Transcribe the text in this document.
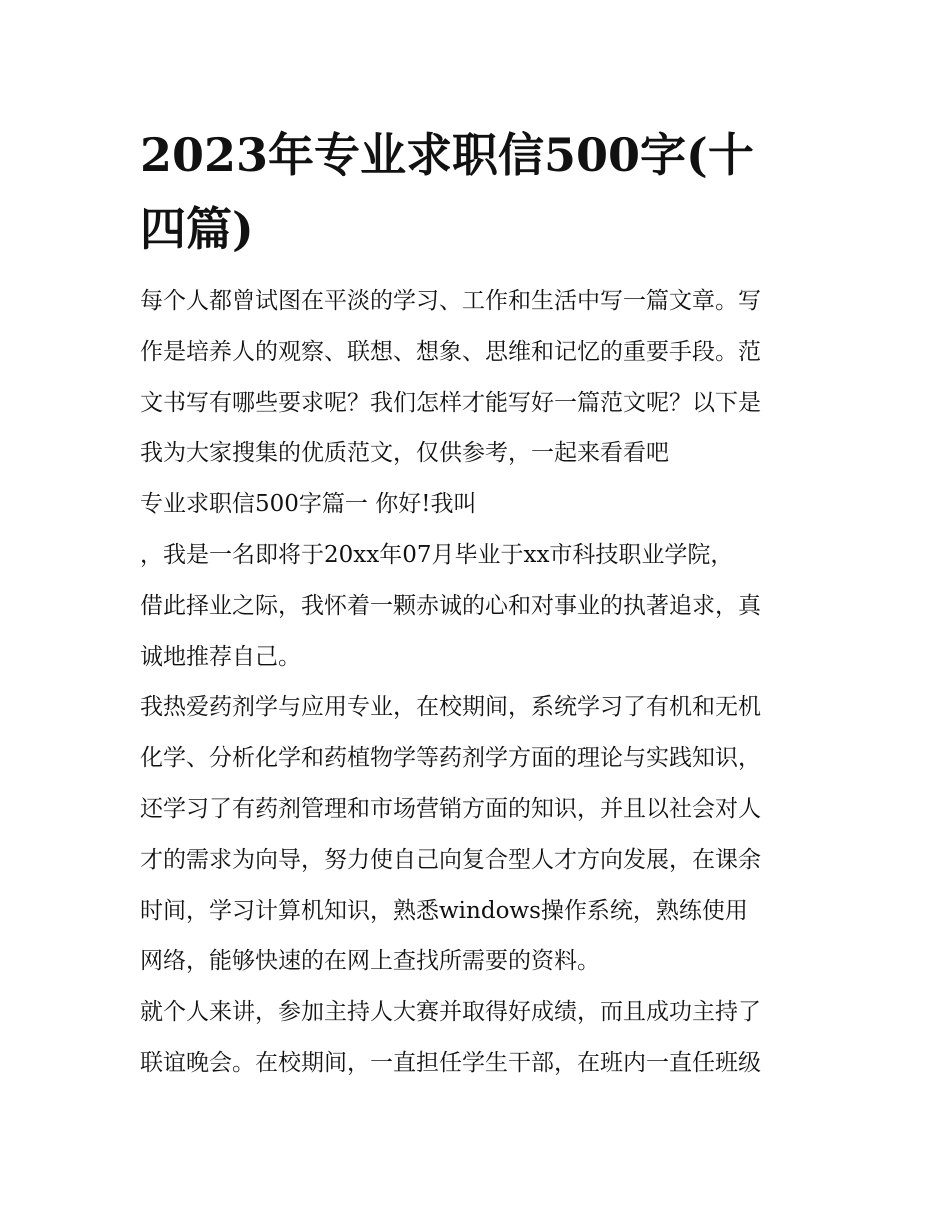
2023年专业求职信500字(十
四篇)
每个人都曾试图在平淡的学习、工作和生活中写一篇文章。写
作是培养人的观察、联想、想象、思维和记忆的重要手段。范
文书写有哪些要求呢？我们怎样才能写好一篇范文呢？以下是
我为大家搜集的优质范文，仅供参考，一起来看看吧
专业求职信500字篇一 你好!我叫
，我是一名即将于20xx年07月毕业于xx市科技职业学院，
借此择业之际，我怀着一颗赤诚的心和对事业的执著追求，真
诚地推荐自己。
我热爱药剂学与应用专业，在校期间，系统学习了有机和无机
化学、分析化学和药植物学等药剂学方面的理论与实践知识，
还学习了有药剂管理和市场营销方面的知识，并且以社会对人
才的需求为向导，努力使自己向复合型人才方向发展，在课余
时间，学习计算机知识，熟悉windows操作系统，熟练使用
网络，能够快速的在网上查找所需要的资料。
就个人来讲，参加主持人大赛并取得好成绩，而且成功主持了
联谊晚会。在校期间，一直担任学生干部，在班内一直任班级
